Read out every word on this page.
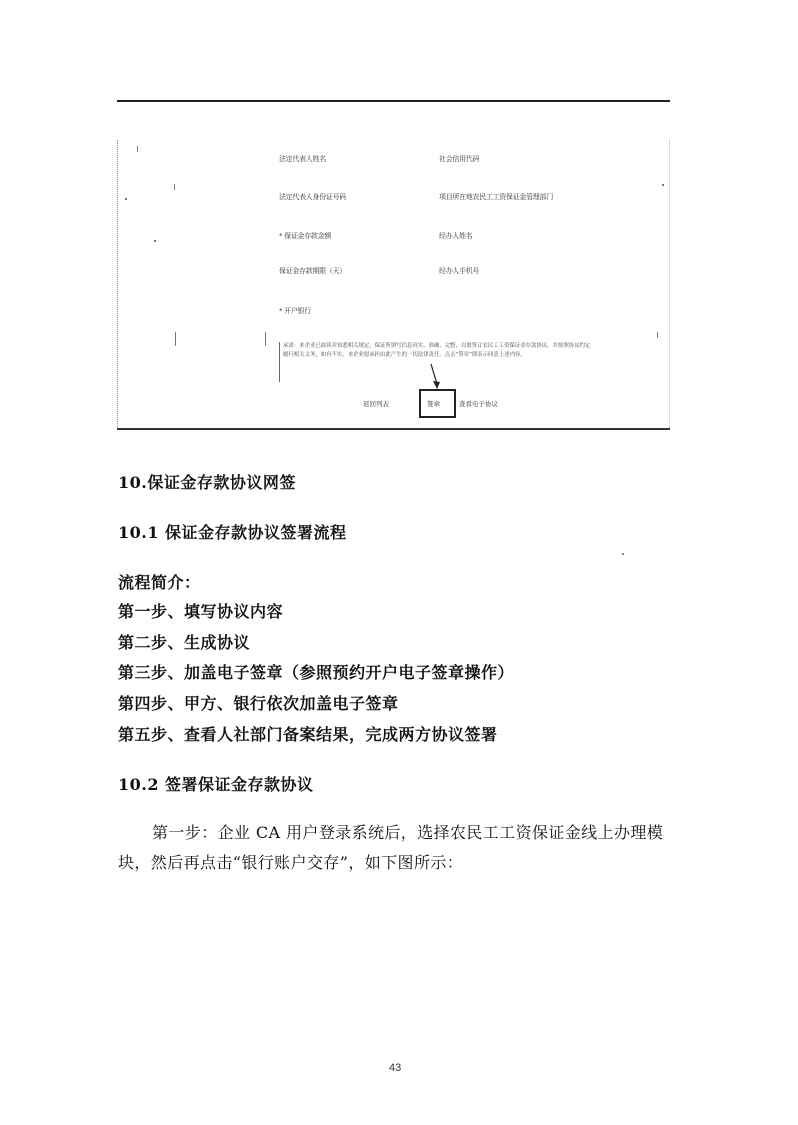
法定代表人姓名	社会信用代码
法定代表人身份证号码	项目所在地农民工工资保证金管理部门
* 保证金存款金额	经办人姓名
保证金存款期限（天）	经办人手机号
* 开户银行
承诺：本企业已阅读并知悉相关规定，保证所填写信息真实、准确、完整，自愿签订农民工工资保证金存款协议，并按照协议约定履行相关义务，如有不实，本企业愿承担由此产生的一切法律责任。点击“签章”即表示同意上述内容。
返回列表	签章	查看电子协议
10.保证金存款协议网签
10.1 保证金存款协议签署流程
流程简介：
第一步、填写协议内容
第二步、生成协议
第三步、加盖电子签章（参照预约开户电子签章操作）
第四步、甲方、银行依次加盖电子签章
第五步、查看人社部门备案结果，完成两方协议签署
10.2 签署保证金存款协议
第一步：企业 CA 用户登录系统后，选择农民工工资保证金线上办理模块，然后再点击“银行账户交存”，如下图所示：
43
